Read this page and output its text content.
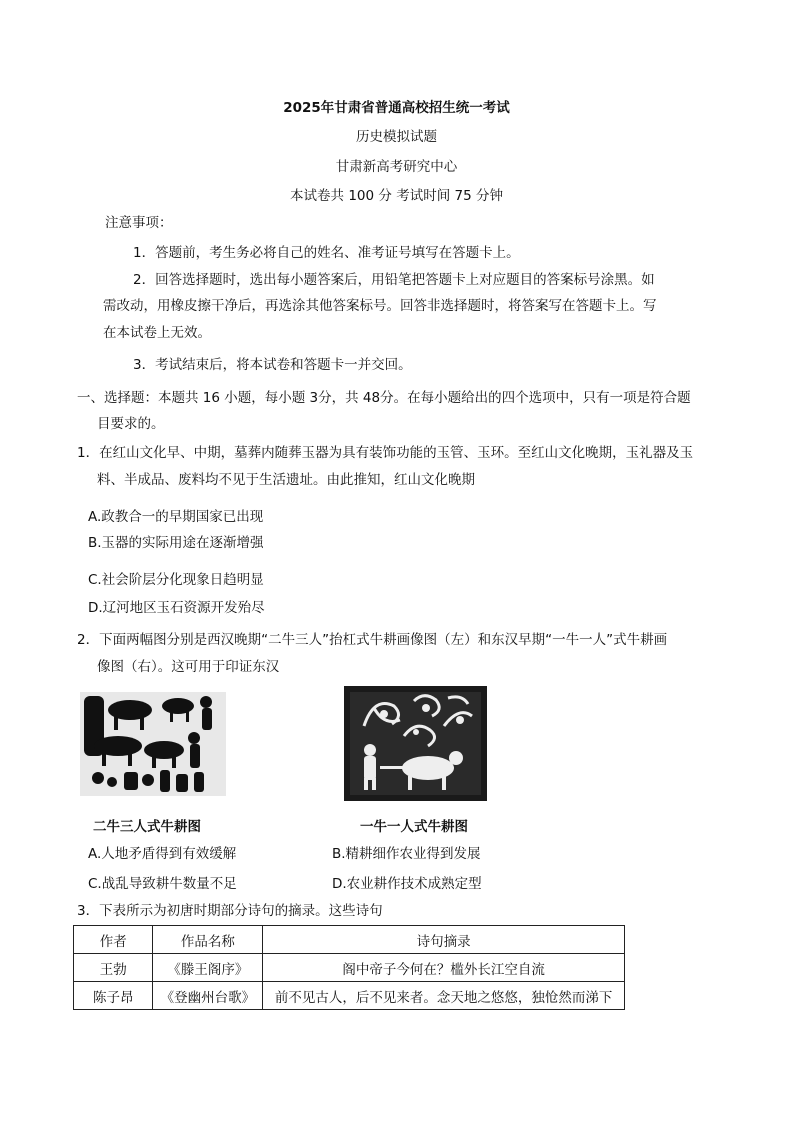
2025年甘肃省普通高校招生统一考试
历史模拟试题
甘肃新高考研究中心
本试卷共 100 分 考试时间 75 分钟
注意事项：
1．答题前，考生务必将自己的姓名、准考证号填写在答题卡上。
2．回答选择题时，选出每小题答案后，用铅笔把答题卡上对应题目的答案标号涂黑。如
需改动，用橡皮擦干净后，再选涂其他答案标号。回答非选择题时，将答案写在答题卡上。写
在本试卷上无效。
3．考试结束后，将本试卷和答题卡一并交回。
一、选择题：本题共 16 小题，每小题 3分，共 48分。在每小题给出的四个选项中，只有一项是符合题
目要求的。
1．在红山文化早、中期，墓葬内随葬玉器为具有装饰功能的玉管、玉环。至红山文化晚期，玉礼器及玉
料、半成品、废料均不见于生活遗址。由此推知，红山文化晚期
A.政教合一的早期国家已出现
B.玉器的实际用途在逐渐增强
C.社会阶层分化现象日趋明显
D.辽河地区玉石资源开发殆尽
2．下面两幅图分别是西汉晚期“二牛三人”抬杠式牛耕画像图（左）和东汉早期“一牛一人”式牛耕画
像图（右）。这可用于印证东汉
二牛三人式牛耕图	一牛一人式牛耕图
A.人地矛盾得到有效缓解	B.精耕细作农业得到发展
C.战乱导致耕牛数量不足	D.农业耕作技术成熟定型
3．下表所示为初唐时期部分诗句的摘录。这些诗句
作者	作品名称	诗句摘录
王勃	《滕王阁序》	阁中帝子今何在？槛外长江空自流
陈子昂	《登幽州台歌》	前不见古人，后不见来者。念天地之悠悠，独怆然而涕下
